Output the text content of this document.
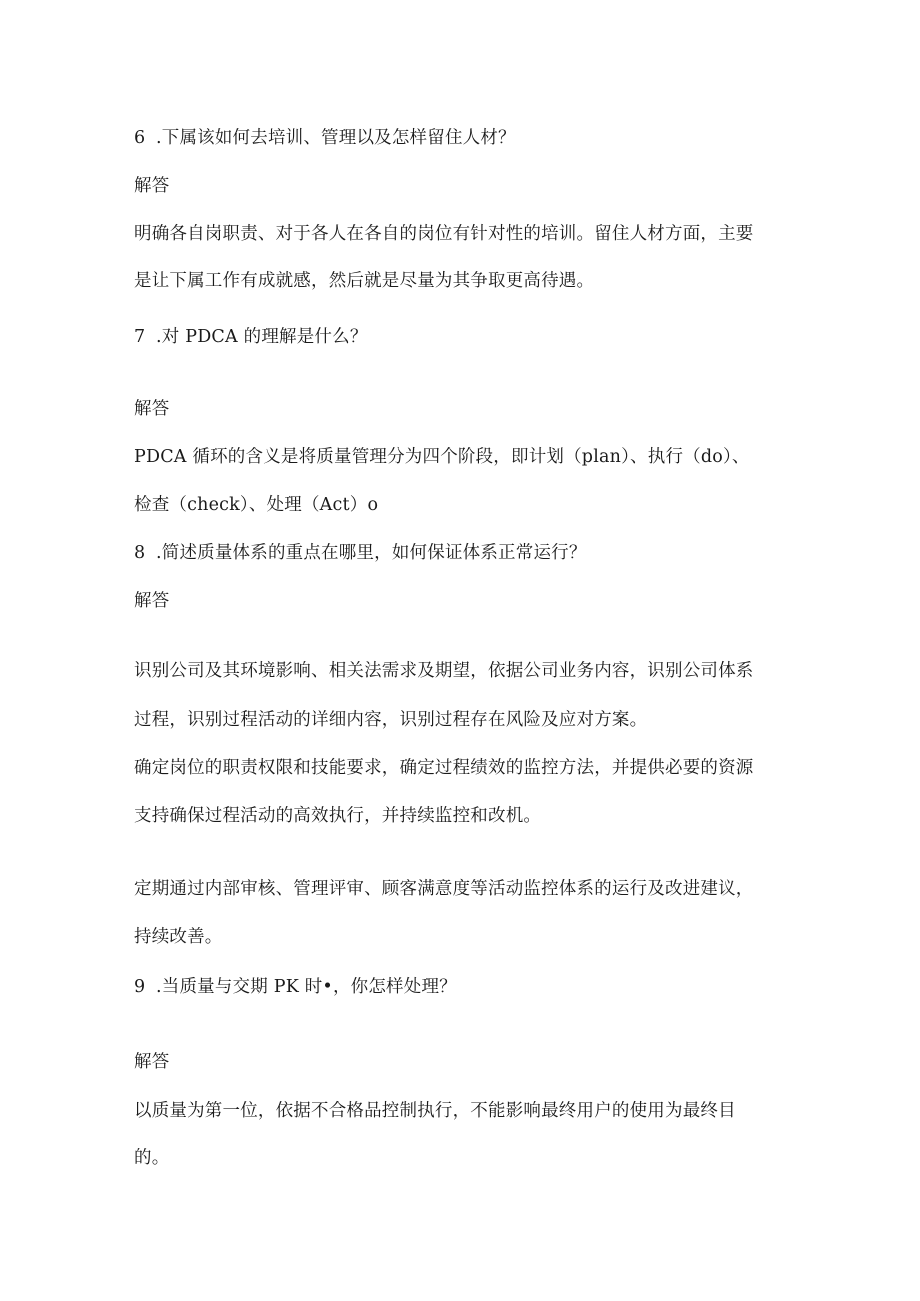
6 .下属该如何去培训、管理以及怎样留住人材？
解答
明确各自岗职责、对于各人在各自的岗位有针对性的培训。留住人材方面，主要
是让下属工作有成就感，然后就是尽量为其争取更高待遇。
7 .对 PDCA 的理解是什么？
解答
PDCA 循环的含义是将质量管理分为四个阶段，即计划（plan）、执行（do）、
检查（check）、处理（Act）o
8 .简述质量体系的重点在哪里，如何保证体系正常运行？
解答
识别公司及其环境影响、相关法需求及期望，依据公司业务内容，识别公司体系
过程，识别过程活动的详细内容，识别过程存在风险及应对方案。
确定岗位的职责权限和技能要求，确定过程绩效的监控方法，并提供必要的资源
支持确保过程活动的高效执行，并持续监控和改机。
定期通过内部审核、管理评审、顾客满意度等活动监控体系的运行及改进建议，
持续改善。
9 .当质量与交期 PK 时•，你怎样处理？
解答
以质量为第一位，依据不合格品控制执行，不能影响最终用户的使用为最终目
的。
